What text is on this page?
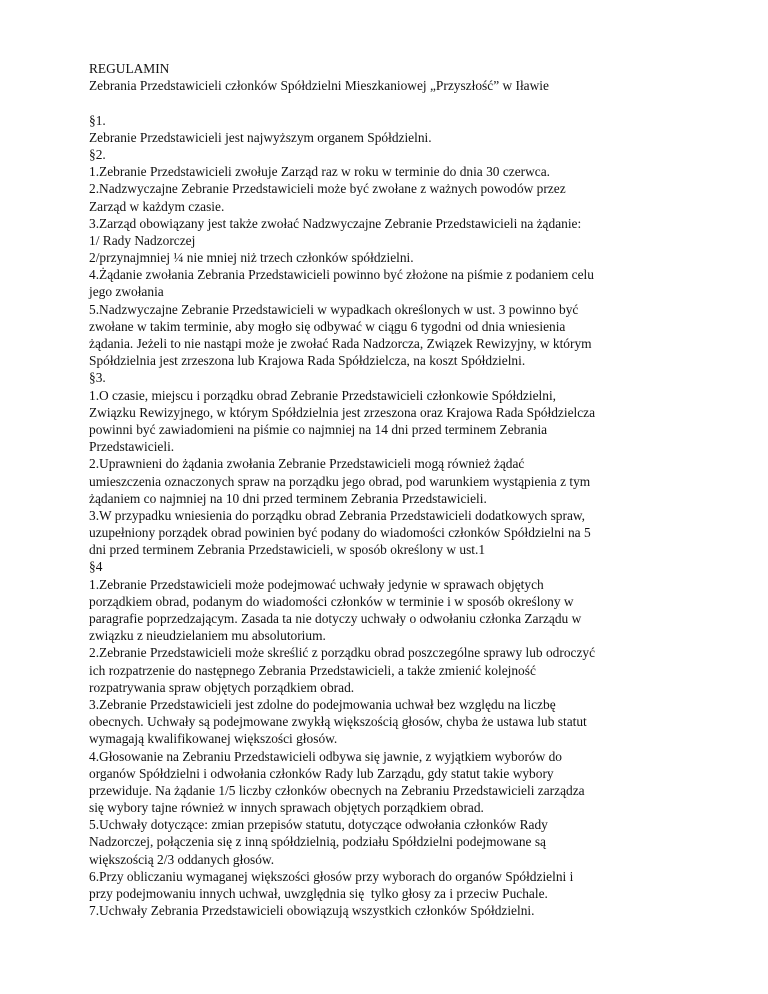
REGULAMIN
Zebrania Przedstawicieli członków Spółdzielni Mieszkaniowej „Przyszłość” w Iławie
§1.
Zebranie Przedstawicieli jest najwyższym organem Spółdzielni.
§2.
1.Zebranie Przedstawicieli zwołuje Zarząd raz w roku w terminie do dnia 30 czerwca.
2.Nadzwyczajne Zebranie Przedstawicieli może być zwołane z ważnych powodów przez
Zarząd w każdym czasie.
3.Zarząd obowiązany jest także zwołać Nadzwyczajne Zebranie Przedstawicieli na żądanie:
1/ Rady Nadzorczej
2/przynajmniej ¼ nie mniej niż trzech członków spółdzielni.
4.Żądanie zwołania Zebrania Przedstawicieli powinno być złożone na piśmie z podaniem celu
jego zwołania
5.Nadzwyczajne Zebranie Przedstawicieli w wypadkach określonych w ust. 3 powinno być
zwołane w takim terminie, aby mogło się odbywać w ciągu 6 tygodni od dnia wniesienia
żądania. Jeżeli to nie nastąpi może je zwołać Rada Nadzorcza, Związek Rewizyjny, w którym
Spółdzielnia jest zrzeszona lub Krajowa Rada Spółdzielcza, na koszt Spółdzielni.
§3.
1.O czasie, miejscu i porządku obrad Zebranie Przedstawicieli członkowie Spółdzielni,
Związku Rewizyjnego, w którym Spółdzielnia jest zrzeszona oraz Krajowa Rada Spółdzielcza
powinni być zawiadomieni na piśmie co najmniej na 14 dni przed terminem Zebrania
Przedstawicieli.
2.Uprawnieni do żądania zwołania Zebranie Przedstawicieli mogą również żądać
umieszczenia oznaczonych spraw na porządku jego obrad, pod warunkiem wystąpienia z tym
żądaniem co najmniej na 10 dni przed terminem Zebrania Przedstawicieli.
3.W przypadku wniesienia do porządku obrad Zebrania Przedstawicieli dodatkowych spraw,
uzupełniony porządek obrad powinien być podany do wiadomości członków Spółdzielni na 5
dni przed terminem Zebrania Przedstawicieli, w sposób określony w ust.1
§4
1.Zebranie Przedstawicieli może podejmować uchwały jedynie w sprawach objętych
porządkiem obrad, podanym do wiadomości członków w terminie i w sposób określony w
paragrafie poprzedzającym. Zasada ta nie dotyczy uchwały o odwołaniu członka Zarządu w
związku z nieudzielaniem mu absolutorium.
2.Zebranie Przedstawicieli może skreślić z porządku obrad poszczególne sprawy lub odroczyć
ich rozpatrzenie do następnego Zebrania Przedstawicieli, a także zmienić kolejność
rozpatrywania spraw objętych porządkiem obrad.
3.Zebranie Przedstawicieli jest zdolne do podejmowania uchwał bez względu na liczbę
obecnych. Uchwały są podejmowane zwykłą większością głosów, chyba że ustawa lub statut
wymagają kwalifikowanej większości głosów.
4.Głosowanie na Zebraniu Przedstawicieli odbywa się jawnie, z wyjątkiem wyborów do
organów Spółdzielni i odwołania członków Rady lub Zarządu, gdy statut takie wybory
przewiduje. Na żądanie 1/5 liczby członków obecnych na Zebraniu Przedstawicieli zarządza
się wybory tajne również w innych sprawach objętych porządkiem obrad.
5.Uchwały dotyczące: zmian przepisów statutu, dotyczące odwołania członków Rady
Nadzorczej, połączenia się z inną spółdzielnią, podziału Spółdzielni podejmowane są
większością 2/3 oddanych głosów.
6.Przy obliczaniu wymaganej większości głosów przy wyborach do organów Spółdzielni i
przy podejmowaniu innych uchwał, uwzględnia się  tylko głosy za i przeciw Puchale.
7.Uchwały Zebrania Przedstawicieli obowiązują wszystkich członków Spółdzielni.
